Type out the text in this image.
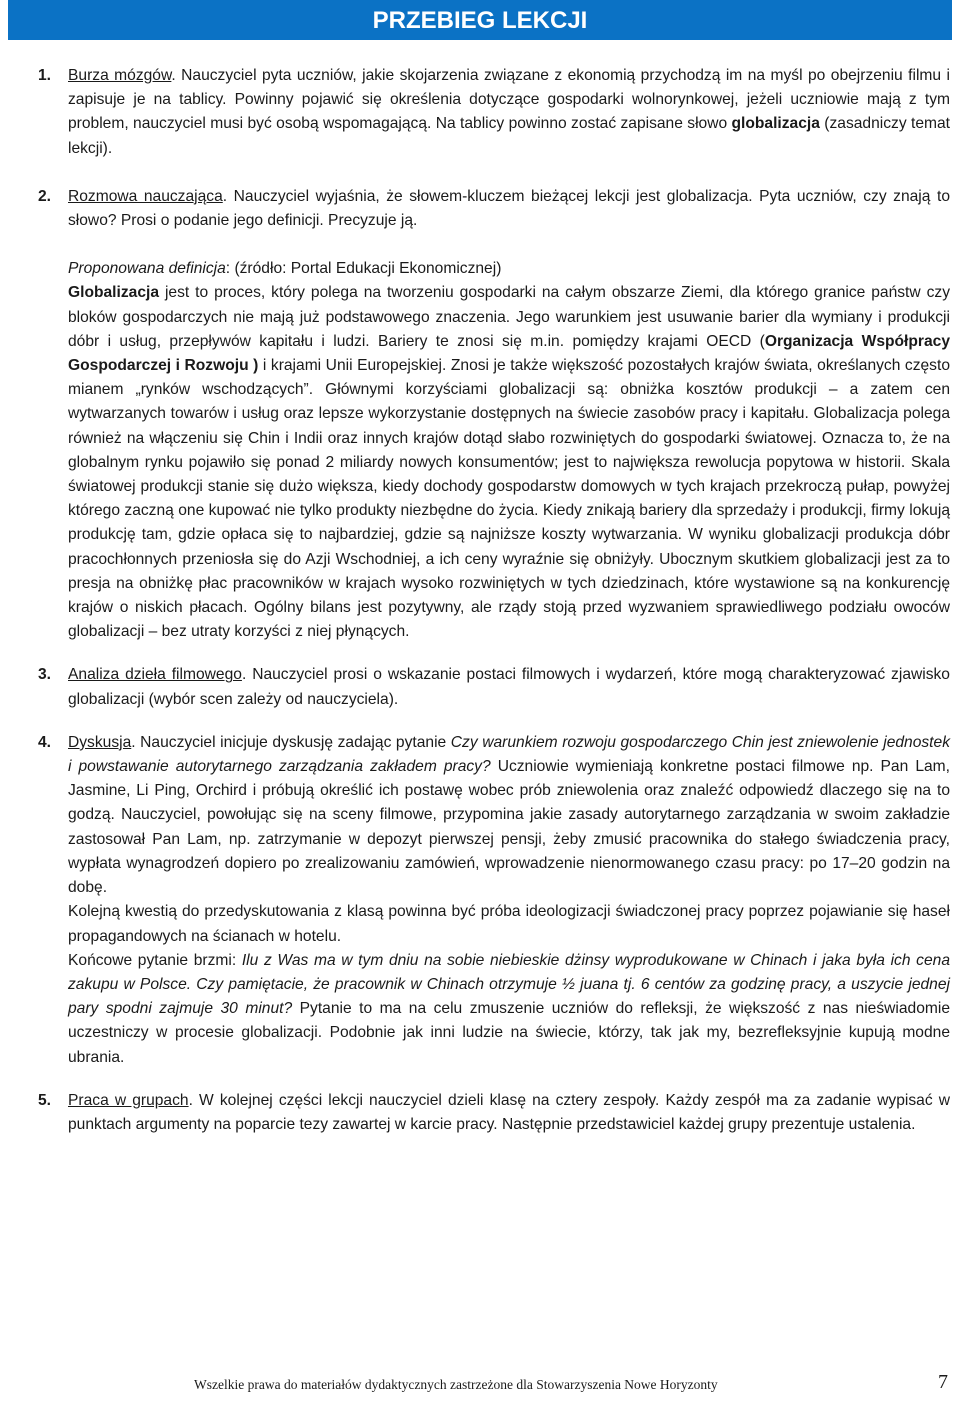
PRZEBIEG LEKCJI
1. Burza mózgów. Nauczyciel pyta uczniów, jakie skojarzenia związane z ekonomią przychodzą im na myśl po obejrzeniu filmu i zapisuje je na tablicy. Powinny pojawić się określenia dotyczące gospodarki wolnorynkowej, jeżeli uczniowie mają z tym problem, nauczyciel musi być osobą wspomagającą. Na tablicy powinno zostać zapisane słowo globalizacja (zasadniczy temat lekcji).
2. Rozmowa nauczająca. Nauczyciel wyjaśnia, że słowem-kluczem bieżącej lekcji jest globalizacja. Pyta uczniów, czy znają to słowo? Prosi o podanie jego definicji. Precyzuje ją.

Proponowana definicja: (źródło: Portal Edukacji Ekonomicznej)

Globalizacja jest to proces, który polega na tworzeniu gospodarki na całym obszarze Ziemi, dla którego granice państw czy bloków gospodarczych nie mają już podstawowego znaczenia. Jego warunkiem jest usuwanie barier dla wymiany i produkcji dóbr i usług, przepływów kapitału i ludzi. Bariery te znosi się m.in. pomiędzy krajami OECD (Organizacja Współpracy Gospodarczej i Rozwoju ) i krajami Unii Europejskiej. Znosi je także większość pozostałych krajów świata, określanych często mianem „rynków wschodzących”. Głównymi korzyściami globalizacji są: obniżka kosztów produkcji – a zatem cen wytwarzanych towarów i usług oraz lepsze wykorzystanie dostępnych na świecie zasobów pracy i kapitału. Globalizacja polega również na włączeniu się Chin i Indii oraz innych krajów dotąd słabo rozwiniętych do gospodarki światowej. Oznacza to, że na globalnym rynku pojawiło się ponad 2 miliardy nowych konsumentów; jest to największa rewolucja popytowa w historii. Skala światowej produkcji stanie się dużo większa, kiedy dochody gospodarstw domowych w tych krajach przekroczą pułap, powyżej którego zaczną one kupować nie tylko produkty niezbędne do życia. Kiedy znikają bariery dla sprzedaży i produkcji, firmy lokują produkcję tam, gdzie opłaca się to najbardziej, gdzie są najniższe koszty wytwarzania. W wyniku globalizacji produkcja dóbr pracochłonnych przeniosła się do Azji Wschodniej, a ich ceny wyraźnie się obniżyły. Ubocznym skutkiem globalizacji jest za to presja na obniżkę płac pracowników w krajach wysoko rozwiniętych w tych dziedzinach, które wystawione są na konkurencję krajów o niskich płacach. Ogólny bilans jest pozytywny, ale rządy stoją przed wyzwaniem sprawiedliwego podziału owoców globalizacji – bez utraty korzyści z niej płynących.

3. Analiza dzieła filmowego. Nauczyciel prosi o wskazanie postaci filmowych i wydarzeń, które mogą charakteryzować zjawisko globalizacji (wybór scen zależy od nauczyciela).
4. Dyskusja. Nauczyciel inicjuje dyskusję zadając pytanie Czy warunkiem rozwoju gospodarczego Chin jest zniewolenie jednostek i powstawanie autorytarnego zarządzania zakładem pracy? Uczniowie wymieniają konkretne postaci filmowe np. Pan Lam, Jasmine, Li Ping, Orchird i próbują określić ich postawę wobec prób zniewolenia oraz znaleźć odpowiedź dlaczego się na to godzą. Nauczyciel, powołując się na sceny filmowe, przypomina jakie zasady autorytarnego zarządzania w swoim zakładzie zastosował Pan Lam, np. zatrzymanie w depozyt pierwszej pensji, żeby zmusić pracownika do stałego świadczenia pracy, wypłata wynagrodzeń dopiero po zrealizowaniu zamówień, wprowadzenie nienormowanego czasu pracy: po 17–20 godzin na dobę.

Kolejną kwestią do przedyskutowania z klasą powinna być próba ideologizacji świadczonej pracy poprzez pojawianie się haseł propagandowych na ścianach w hotelu.

Końcowe pytanie brzmi: Ilu z Was ma w tym dniu na sobie niebieskie dżinsy wyprodukowane w Chinach i jaka była ich cena zakupu w Polsce. Czy pamiętacie, że pracownik w Chinach otrzymuje ½ juana tj. 6 centów za godzinę pracy, a uszycie jednej pary spodni zajmuje 30 minut? Pytanie to ma na celu zmuszenie uczniów do refleksji, że większość z nas nieświadomie uczestniczy w procesie globalizacji. Podobnie jak inni ludzie na świecie, którzy, tak jak my, bezrefleksyjnie kupują modne ubrania.

5. Praca w grupach. W kolejnej części lekcji nauczyciel dzieli klasę na cztery zespoły. Każdy zespół ma za zadanie wypisać w punktach argumenty na poparcie tezy zawartej w karcie pracy. Następnie przedstawiciel każdej grupy prezentuje ustalenia.
Wszelkie prawa do materiałów dydaktycznych zastrzeżone dla Stowarzyszenia Nowe Horyzonty	7
